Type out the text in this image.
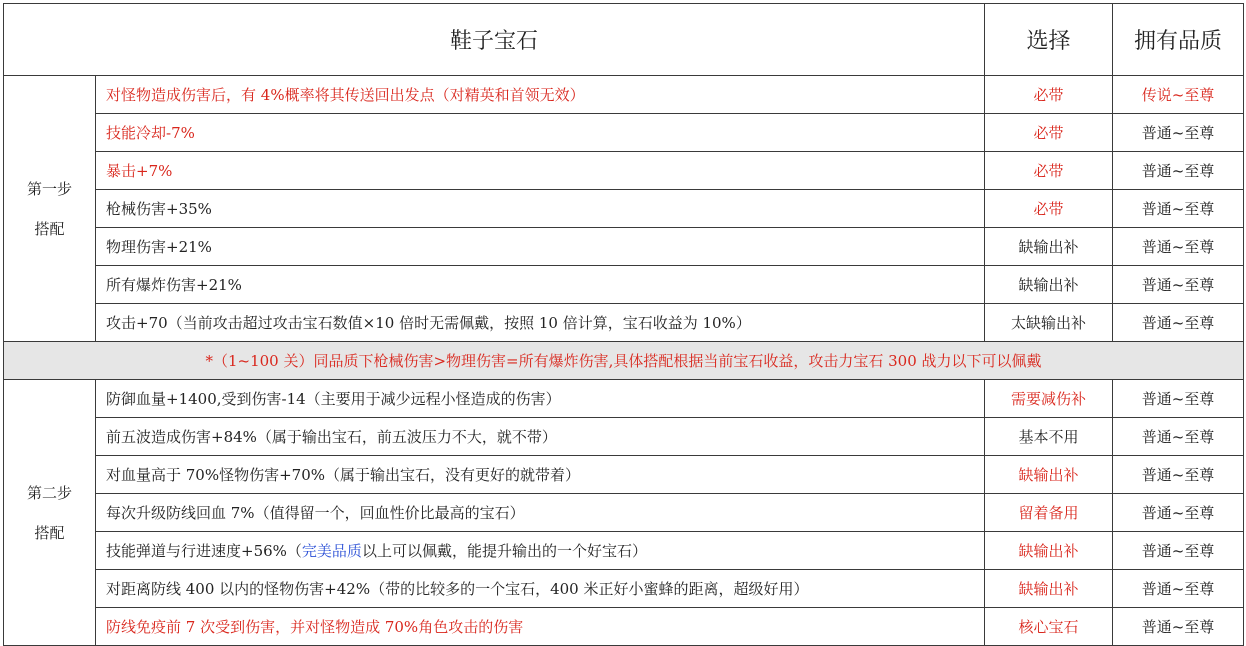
鞋子宝石		选择	拥有品质

第一步
搭配	对怪物造成伤害后，有 4%概率将其传送回出发点（对精英和首领无效）	必带	传说~至尊
	技能冷却-7%	必带	普通~至尊
	暴击+7%	必带	普通~至尊
	枪械伤害+35%	必带	普通~至尊
	物理伤害+21%	缺输出补	普通~至尊
	所有爆炸伤害+21%	缺输出补	普通~至尊
	攻击+70（当前攻击超过攻击宝石数值×10 倍时无需佩戴，按照 10 倍计算，宝石收益为 10%）	太缺输出补	普通~至尊
*（1~100 关）同品质下枪械伤害>物理伤害=所有爆炸伤害,具体搭配根据当前宝石收益，攻击力宝石 300 战力以下可以佩戴			

第二步
搭配	防御血量+1400,受到伤害-14（主要用于减少远程小怪造成的伤害）	需要减伤补	普通~至尊
	前五波造成伤害+84%（属于输出宝石，前五波压力不大，就不带）	基本不用	普通~至尊
	对血量高于 70%怪物伤害+70%（属于输出宝石，没有更好的就带着）	缺输出补	普通~至尊
	每次升级防线回血 7%（值得留一个，回血性价比最高的宝石）	留着备用	普通~至尊
	技能弹道与行进速度+56%（完美品质以上可以佩戴，能提升输出的一个好宝石）	缺输出补	普通~至尊
	对距离防线 400 以内的怪物伤害+42%（带的比较多的一个宝石，400 米正好小蜜蜂的距离，超级好用）	缺输出补	普通~至尊
	防线免疫前 7 次受到伤害，并对怪物造成 70%角色攻击的伤害	核心宝石	普通~至尊
